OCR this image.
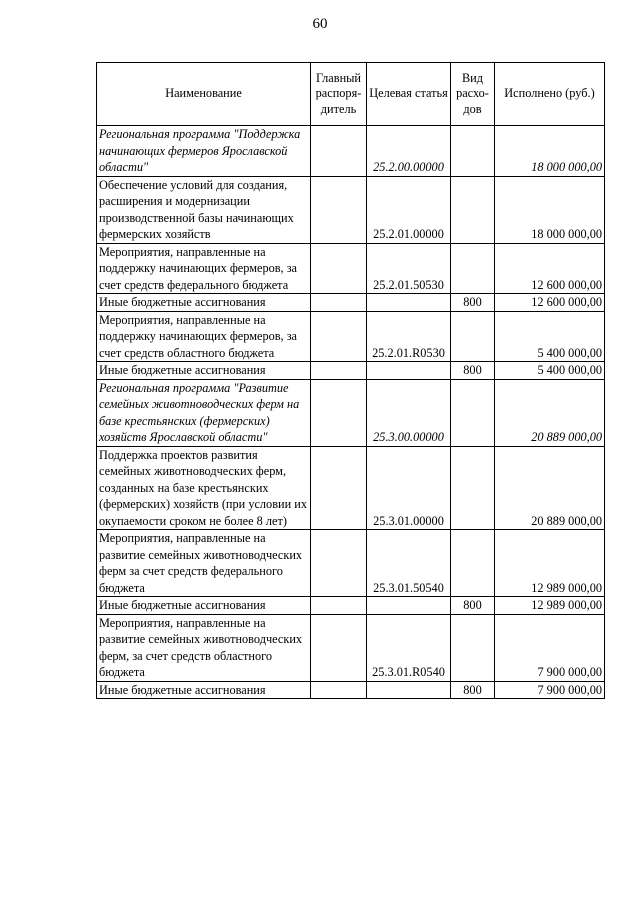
60
Наименование	Главный распоря-дитель	Целевая статья	Вид расхо-дов	Исполнено (руб.)
Региональная программа "Поддержка начинающих фермеров Ярославской области"		25.2.00.00000		18 000 000,00
Обеспечение условий для создания, расширения и модернизации производственной базы начинающих фермерских хозяйств		25.2.01.00000		18 000 000,00
Мероприятия, направленные на поддержку начинающих фермеров, за счет средств федерального бюджета		25.2.01.50530		12 600 000,00
Иные бюджетные ассигнования			800	12 600 000,00
Мероприятия, направленные на поддержку начинающих фермеров, за счет средств областного бюджета		25.2.01.R0530		5 400 000,00
Иные бюджетные ассигнования			800	5 400 000,00
Региональная программа "Развитие семейных животноводческих ферм на базе крестьянских (фермерских) хозяйств Ярославской области"		25.3.00.00000		20 889 000,00
Поддержка проектов развития семейных животноводческих ферм, созданных на базе крестьянских (фермерских) хозяйств (при условии их окупаемости сроком не более 8 лет)		25.3.01.00000		20 889 000,00
Мероприятия, направленные на развитие семейных животноводческих ферм за счет средств федерального бюджета		25.3.01.50540		12 989 000,00
Иные бюджетные ассигнования			800	12 989 000,00
Мероприятия, направленные на развитие семейных животноводческих ферм, за счет средств областного бюджета		25.3.01.R0540		7 900 000,00
Иные бюджетные ассигнования			800	7 900 000,00
